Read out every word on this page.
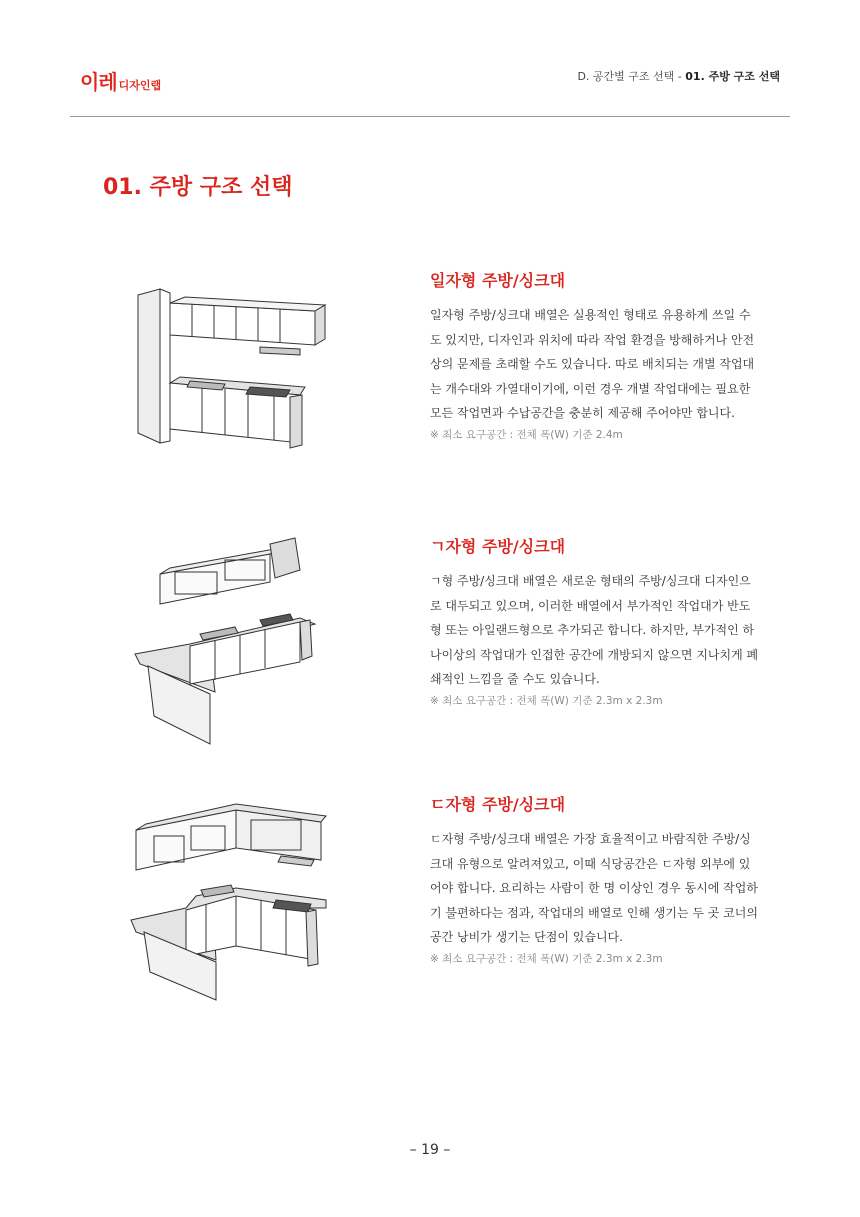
이레 디자인랩
D. 공간별 구조 선택 - 01. 주방 구조 선택
01. 주방 구조 선택
일자형 주방/싱크대

일자형 주방/싱크대 배열은 실용적인 형태로 유용하게 쓰일 수도 있지만, 디자인과 위치에 따라 작업 환경을 방해하거나 안전상의 문제를 초래할 수도 있습니다. 따로 배치되는 개별 작업대는 개수대와 가열대이기에, 이런 경우 개별 작업대에는 필요한 모든 작업면과 수납공간을 충분히 제공해 주어야만 합니다.

※ 최소 요구공간 : 전체 폭(W) 기준 2.4m
ㄱ자형 주방/싱크대

ㄱ형 주방/싱크대 배열은 새로운 형태의 주방/싱크대 디자인으로 대두되고 있으며, 이러한 배열에서 부가적인 작업대가 반도형 또는 아일랜드형으로 추가되곤 합니다. 하지만, 부가적인 하나이상의 작업대가 인접한 공간에 개방되지 않으면 지나치게 폐쇄적인 느낌을 줄 수도 있습니다.

※ 최소 요구공간 : 전체 폭(W) 기준 2.3m x 2.3m
ㄷ자형 주방/싱크대

ㄷ자형 주방/싱크대 배열은 가장 효율적이고 바람직한 주방/싱크대 유형으로 알려져있고, 이때 식당공간은 ㄷ자형 외부에 있어야 합니다. 요리하는 사람이 한 명 이상인 경우 동시에 작업하기 불편하다는 점과, 작업대의 배열로 인해 생기는 두 곳 코너의 공간 낭비가 생기는 단점이 있습니다.

※ 최소 요구공간 : 전체 폭(W) 기준 2.3m x 2.3m
– 19 –
